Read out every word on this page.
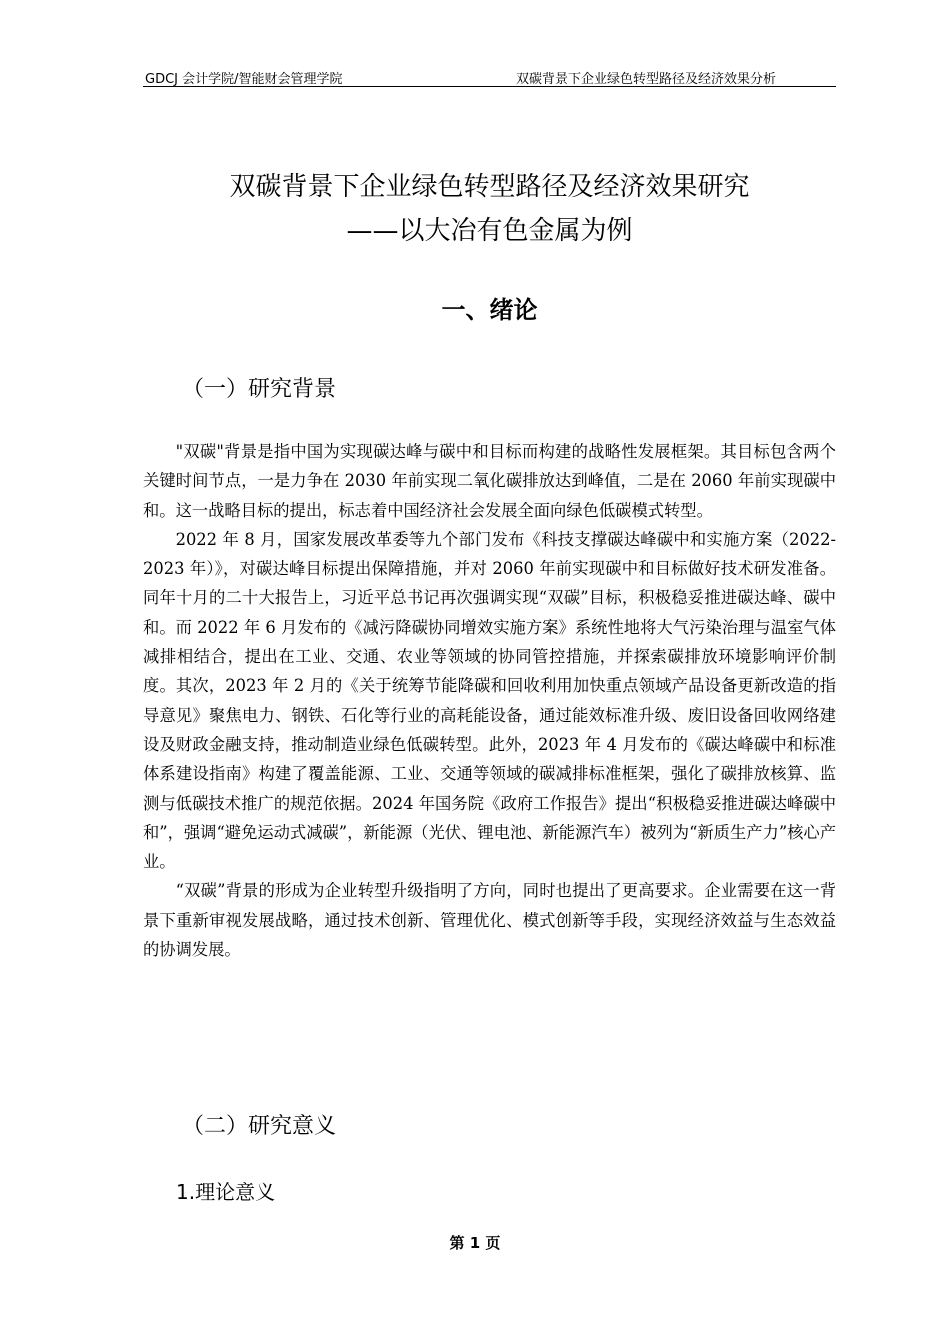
GDCJ 会计学院/智能财会管理学院	双碳背景下企业绿色转型路径及经济效果分析
双碳背景下企业绿色转型路径及经济效果研究
——以大冶有色金属为例
一、绪论
（一）研究背景

"双碳"背景是指中国为实现碳达峰与碳中和目标而构建的战略性发展框架。其目标包含两个关键时间节点，一是力争在 2030 年前实现二氧化碳排放达到峰值，二是在 2060 年前实现碳中和。这一战略目标的提出，标志着中国经济社会发展全面向绿色低碳模式转型。

2022 年 8 月，国家发展改革委等九个部门发布《科技支撑碳达峰碳中和实施方案（2022-2023 年）》，对碳达峰目标提出保障措施，并对 2060 年前实现碳中和目标做好技术研发准备。同年十月的二十大报告上，习近平总书记再次强调实现“双碳”目标，积极稳妥推进碳达峰、碳中和。而 2022 年 6 月发布的《减污降碳协同增效实施方案》系统性地将大气污染治理与温室气体减排相结合，提出在工业、交通、农业等领域的协同管控措施，并探索碳排放环境影响评价制度。其次，2023 年 2 月的《关于统筹节能降碳和回收利用加快重点领域产品设备更新改造的指导意见》聚焦电力、钢铁、石化等行业的高耗能设备，通过能效标准升级、废旧设备回收网络建设及财政金融支持，推动制造业绿色低碳转型。此外，2023 年 4 月发布的《碳达峰碳中和标准体系建设指南》构建了覆盖能源、工业、交通等领域的碳减排标准框架，强化了碳排放核算、监测与低碳技术推广的规范依据。2024 年国务院《政府工作报告》提出“积极稳妥推进碳达峰碳中和”，强调“避免运动式减碳”，新能源（光伏、锂电池、新能源汽车）被列为“新质生产力”核心产业。

“双碳”背景的形成为企业转型升级指明了方向，同时也提出了更高要求。企业需要在这一背景下重新审视发展战略，通过技术创新、管理优化、模式创新等手段，实现经济效益与生态效益的协调发展。

（二）研究意义
1.理论意义
第 1 页
